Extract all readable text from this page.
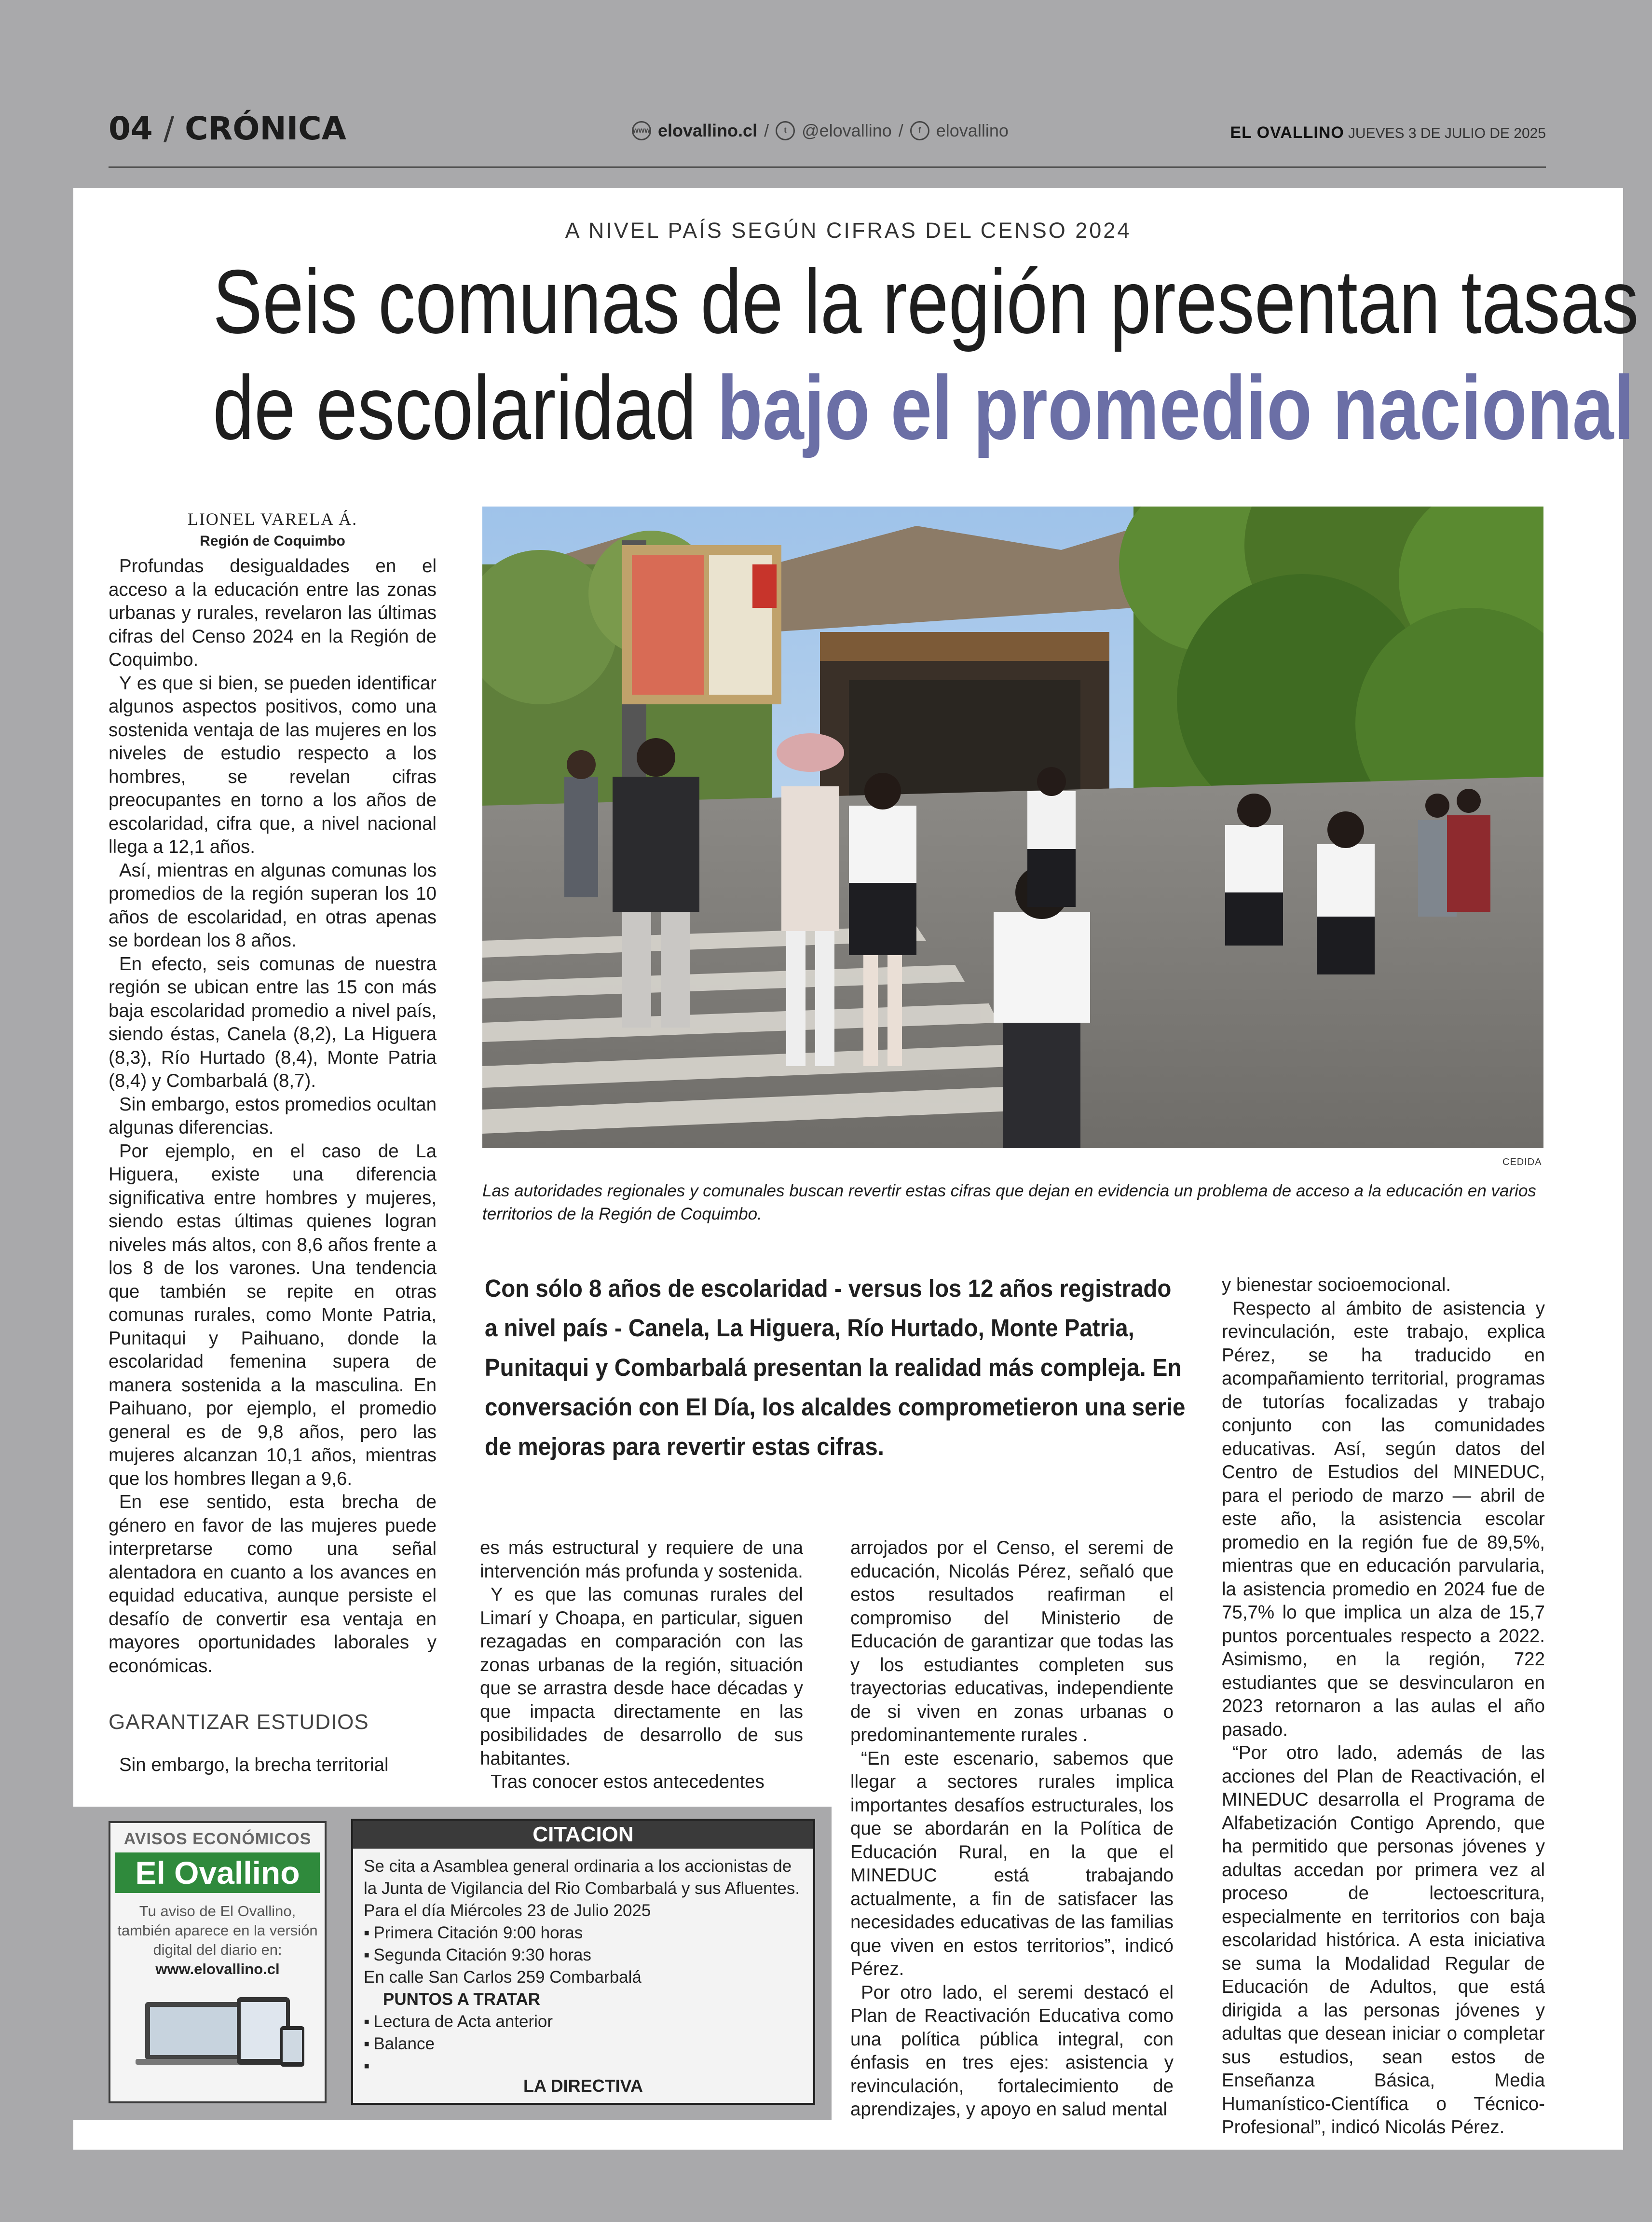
04 / CRÓNICA	www elovallino.cl /	t @elovallino /	f elovallino	EL OVALLINO JUEVES 3 DE JULIO DE 2025
A NIVEL PAÍS SEGÚN CIFRAS DEL CENSO 2024
Seis comunas de la región presentan tasas
de escolaridad bajo el promedio nacional
LIONEL VARELA Á.
Región de Coquimbo

Profundas desigualdades en el acceso a la educación entre las zonas urbanas y rurales, revelaron las últimas cifras del Censo 2024 en la Región de Coquimbo.

Y es que si bien, se pueden identificar algunos aspectos positivos, como una sostenida ventaja de las mujeres en los niveles de estudio respecto a los hombres, se revelan cifras preocupantes en torno a los años de escolaridad, cifra que, a nivel nacional llega a 12,1 años.

Así, mientras en algunas comunas los promedios de la región superan los 10 años de escolaridad, en otras apenas se bordean los 8 años.

En efecto, seis comunas de nuestra región se ubican entre las 15 con más baja escolaridad promedio a nivel país, siendo éstas, Canela (8,2), La Higuera (8,3), Río Hurtado (8,4), Monte Patria (8,4) y Combarbalá (8,7).

Sin embargo, estos promedios ocultan algunas diferencias.

Por ejemplo, en el caso de La Higuera, existe una diferencia significativa entre hombres y mujeres, siendo estas últimas quienes logran niveles más altos, con 8,6 años frente a los 8 de los varones. Una tendencia que también se repite en otras comunas rurales, como Monte Patria, Punitaqui y Paihuano, donde la escolaridad femenina supera de manera sostenida a la masculina. En Paihuano, por ejemplo, el promedio general es de 9,8 años, pero las mujeres alcanzan 10,1 años, mientras que los hombres llegan a 9,6.

En ese sentido, esta brecha de género en favor de las mujeres puede interpretarse como una señal alentadora en cuanto a los avances en equidad educativa, aunque persiste el desafío de convertir esa ventaja en mayores oportunidades laborales y económicas.

GARANTIZAR ESTUDIOS

Sin embargo, la brecha territorial

CEDIDA
Las autoridades regionales y comunales buscan revertir estas cifras que dejan en evidencia un problema de acceso a la educación en varios territorios de la Región de Coquimbo.
Con sólo 8 años de escolaridad - versus los 12 años registrado a nivel país - Canela, La Higuera, Río Hurtado, Monte Patria, Punitaqui y Combarbalá presentan la realidad más compleja. En conversación con El Día, los alcaldes comprometieron una serie de mejoras para revertir estas cifras.

es más estructural y requiere de una intervención más profunda y sostenida.

Y es que las comunas rurales del Limarí y Choapa, en particular, siguen rezagadas en comparación con las zonas urbanas de la región, situación que se arrastra desde hace décadas y que impacta directamente en las posibilidades de desarrollo de sus habitantes.

Tras conocer estos antecedentes

arrojados por el Censo, el seremi de educación, Nicolás Pérez, señaló que estos resultados reafirman el compromiso del Ministerio de Educación de garantizar que todas las y los estudiantes completen sus trayectorias educativas, independiente de si viven en zonas urbanas o predominantemente rurales .

“En este escenario, sabemos que llegar a sectores rurales implica importantes desafíos estructurales, los que se abordarán en la Política de Educación Rural, en la que el MINEDUC está trabajando actualmente, a fin de satisfacer las necesidades educativas de las familias que viven en estos territorios”, indicó Pérez.

Por otro lado, el seremi destacó el Plan de Reactivación Educativa como una política pública integral, con énfasis en tres ejes: asistencia y revinculación, fortalecimiento de aprendizajes, y apoyo en salud mental

y bienestar socioemocional.

Respecto al ámbito de asistencia y revinculación, este trabajo, explica Pérez, se ha traducido en acompañamiento territorial, programas de tutorías focalizadas y trabajo conjunto con las comunidades educativas. Así, según datos del Centro de Estudios del MINEDUC, para el periodo de marzo — abril de este año, la asistencia escolar promedio en la región fue de 89,5%, mientras que en educación parvularia, la asistencia promedio en 2024 fue de 75,7% lo que implica un alza de 15,7 puntos porcentuales respecto a 2022. Asimismo, en la región, 722 estudiantes que se desvincularon en 2023 retornaron a las aulas el año pasado.

“Por otro lado, además de las acciones del Plan de Reactivación, el MINEDUC desarrolla el Programa de Alfabetización Contigo Aprendo, que ha permitido que personas jóvenes y adultas accedan por primera vez al proceso de lectoescritura, especialmente en territorios con baja escolaridad histórica. A esta iniciativa se suma la Modalidad Regular de Educación de Adultos, que está dirigida a las personas jóvenes y adultas que desean iniciar o completar sus estudios, sean estos de Enseñanza Básica, Media Humanístico-Científica o Técnico-Profesional”, indicó Nicolás Pérez.

AVISOS ECONÓMICOS
El Ovallino
Tu aviso de El Ovallino, también aparece en la versión digital del diario en: www.elovallino.cl
CITACION
Se cita a Asamblea general ordinaria a los accionistas de la Junta de Vigilancia del Rio Combarbalá y sus Afluentes. Para el día Miércoles 23 de Julio 2025
▪ Primera Citación 9:00 horas
▪ Segunda Citación 9:30 horas
En calle San Carlos 259 Combarbalá
PUNTOS A TRATAR
▪ Lectura de Acta anterior
▪ Balance
▪
LA DIRECTIVA
